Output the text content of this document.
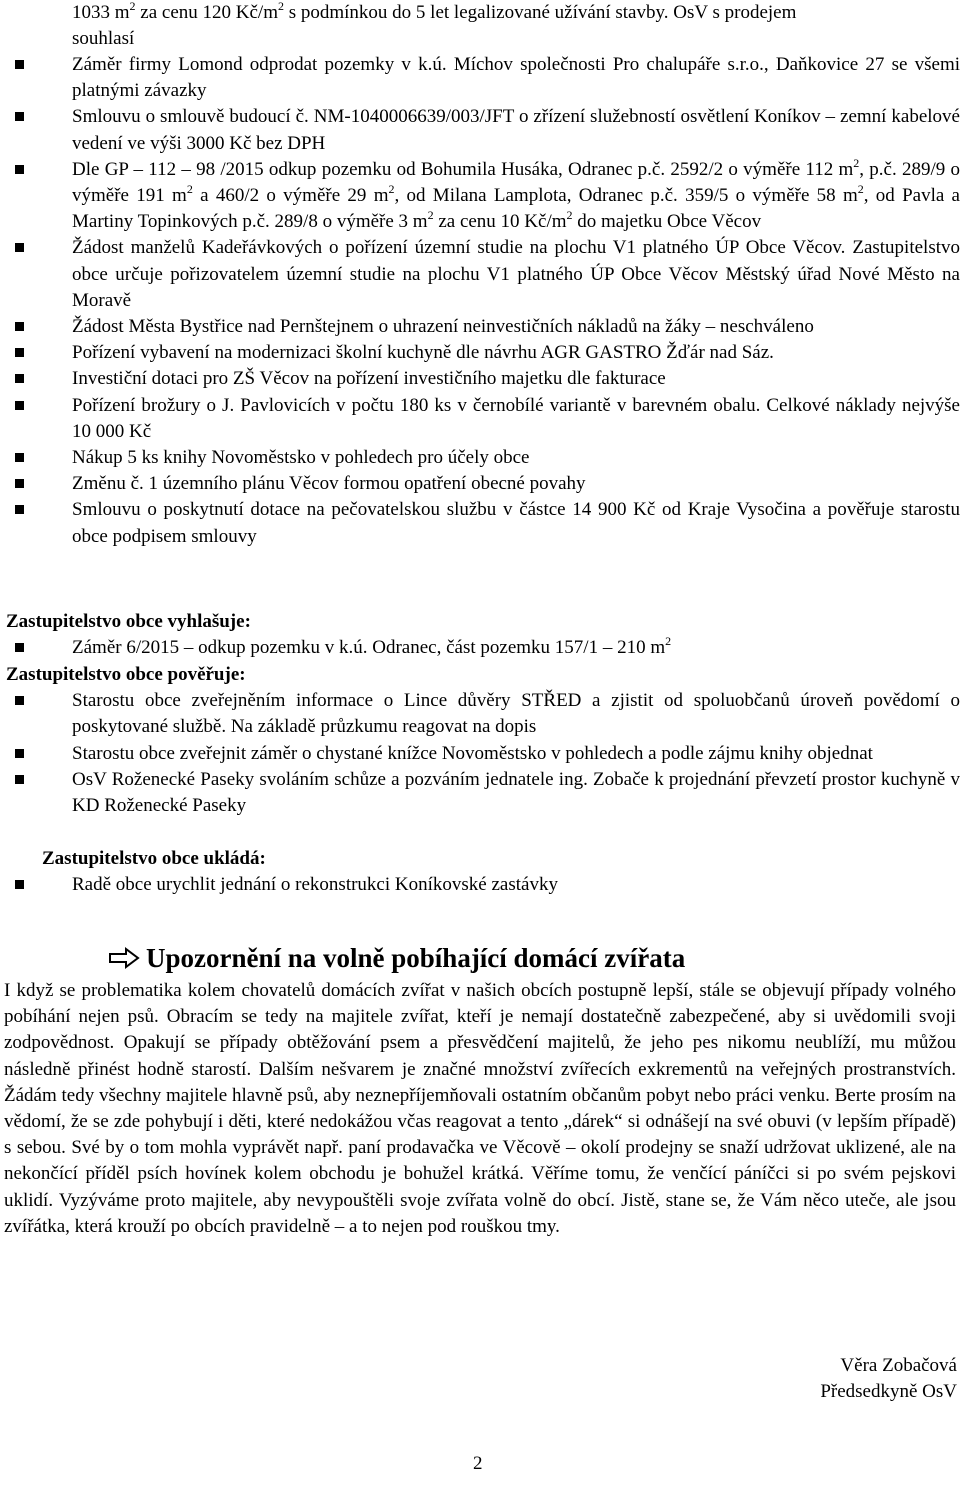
1033 $m^2$ za cenu 120 $Kč/m^2$ s podmínkou do 5 let legalizované užívání stavby. OsV s prodejem
souhlasí

Záměr firmy Lomond odprodat pozemky v k.ú. Míchov společnosti Pro chalupáře s.r.o., Daňkovice 27 se všemi platnými závazky
Smlouvu o smlouvě budoucí č. NM-1040006639/003/JFT o zřízení služebností osvětlení Koníkov – zemní kabelové vedení ve výši 3000 Kč bez DPH
Dle GP – 112 – 98 /2015 odkup pozemku od Bohumila Husáka, Odranec p.č. 2592/2 o výměře 112 $m^2$, p.č. 289/9 o výměře 191 $m^2$ a 460/2 o výměře 29 $m^2$, od Milana Lamplota, Odranec p.č. 359/5 o výměře 58 $m^2$, od Pavla a Martiny Topinkových p.č. 289/8 o výměře 3 $m^2$ za cenu 10 $Kč/m^2$ do majetku Obce Věcov
Žádost manželů Kadeřávkových o pořízení územní studie na plochu V1 platného ÚP Obce Věcov. Zastupitelstvo obce určuje pořizovatelem územní studie na plochu V1 platného ÚP Obce Věcov Městský úřad Nové Město na Moravě
Žádost Města Bystřice nad Pernštejnem o uhrazení neinvestičních nákladů na žáky – neschváleno
Pořízení vybavení na modernizaci školní kuchyně dle návrhu AGR GASTRO Žďár nad Sáz.
Investiční dotaci pro ZŠ Věcov na pořízení investičního majetku dle fakturace
Pořízení brožury o J. Pavlovicích v počtu 180 ks v černobílé variantě v barevném obalu. Celkové náklady nejvýše 10 000 Kč
Nákup 5 ks knihy Novoměstsko v pohledech pro účely obce
Změnu č. 1 územního plánu Věcov formou opatření obecné povahy
Smlouvu o poskytnutí dotace na pečovatelskou službu v částce 14 900 Kč od Kraje Vysočina a pověřuje starostu obce podpisem smlouvy

Zastupitelstvo obce vyhlašuje:

Záměr 6/2015 – odkup pozemku v k.ú. Odranec, část pozemku 157/1 – 210 $m^2$

Zastupitelstvo obce pověřuje:

Starostu obce zveřejněním informace o Lince důvěry STŘED a zjistit od spoluobčanů úroveň povědomí o poskytované službě. Na základě průzkumu reagovat na dopis
Starostu obce zveřejnit záměr o chystané knížce Novoměstsko v pohledech a podle zájmu knihy objednat
OsV Roženecké Paseky svoláním schůze a pozváním jednatele ing. Zobače k projednání převzetí prostor kuchyně v KD Roženecké Paseky

Zastupitelstvo obce ukládá:

Radě obce urychlit jednání o rekonstrukci Koníkovské zastávky
Upozornění na volně pobíhající domácí zvířata

I když se problematika kolem chovatelů domácích zvířat v našich obcích postupně lepší, stále se objevují případy volného pobíhání nejen psů. Obracím se tedy na majitele zvířat, kteří je nemají dostatečně zabezpečené, aby si uvědomili svoji zodpovědnost. Opakují se případy obtěžování psem a přesvědčení majitelů, že jeho pes nikomu neublíží, mu můžou následně přinést hodně starostí. Dalším nešvarem je značné množství zvířecích exkrementů na veřejných prostranstvích. Žádám tedy všechny majitele hlavně psů, aby neznepříjemňovali ostatním občanům pobyt nebo práci venku. Berte prosím na vědomí, že se zde pohybují i děti, které nedokážou včas reagovat a tento „dárek“ si odnášejí na své obuvi (v lepším případě) s sebou. Své by o tom mohla vyprávět např. paní prodavačka ve Věcově – okolí prodejny se snaží udržovat uklizené, ale na nekončící příděl psích hovínek kolem obchodu je bohužel krátká. Věříme tomu, že venčící páníčci si po svém pejskovi uklidí. Vyzýváme proto majitele, aby nevypouštěli svoje zvířata volně do obcí. Jistě, stane se, že Vám něco uteče, ale jsou zvířátka, která krouží po obcích pravidelně – a to nejen pod rouškou tmy.

Věra Zobačová
Předsedkyně OsV
2
